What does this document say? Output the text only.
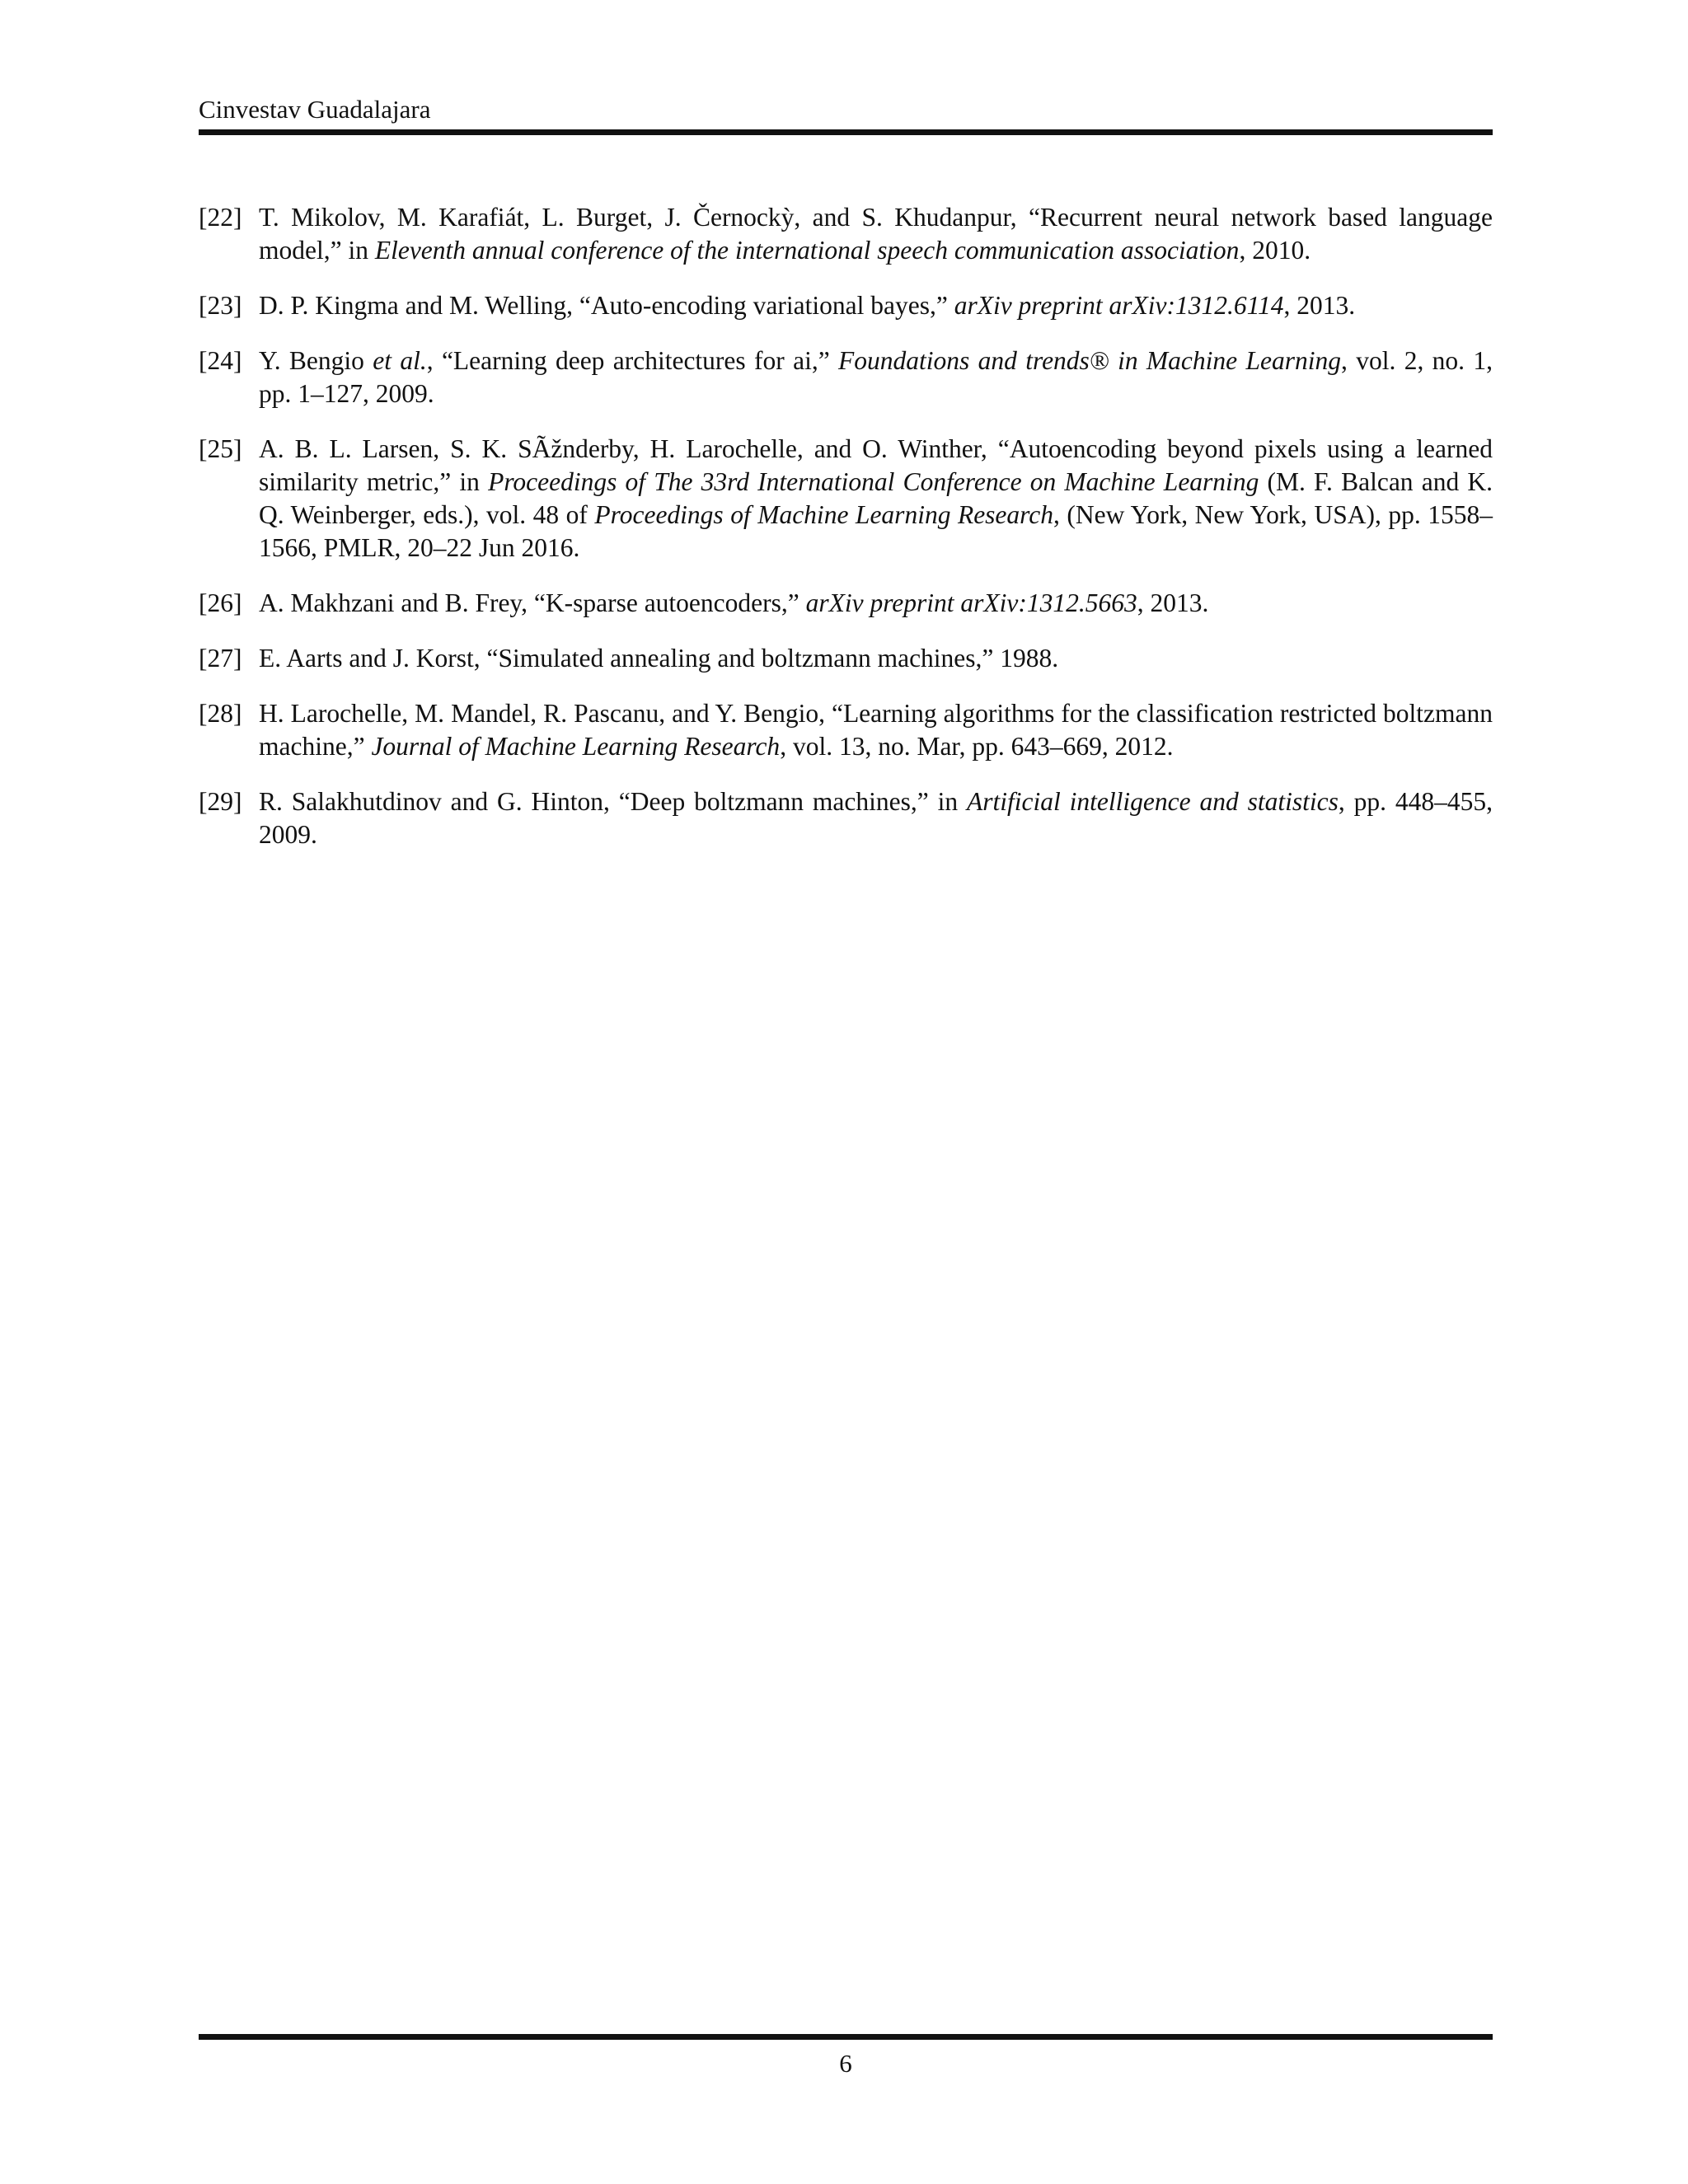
Cinvestav Guadalajara
[22] T. Mikolov, M. Karafiát, L. Burget, J. Černockỳ, and S. Khudanpur, “Recurrent neural network based language model,” in Eleventh annual conference of the international speech communication association, 2010.
[23] D. P. Kingma and M. Welling, “Auto-encoding variational bayes,” arXiv preprint arXiv:1312.6114, 2013.
[24] Y. Bengio et al., “Learning deep architectures for ai,” Foundations and trends® in Machine Learning, vol. 2, no. 1, pp. 1–127, 2009.
[25] A. B. L. Larsen, S. K. SÃžnderby, H. Larochelle, and O. Winther, “Autoencoding beyond pixels using a learned similarity metric,” in Proceedings of The 33rd International Conference on Machine Learning (M. F. Balcan and K. Q. Weinberger, eds.), vol. 48 of Proceedings of Machine Learning Research, (New York, New York, USA), pp. 1558–1566, PMLR, 20–22 Jun 2016.
[26] A. Makhzani and B. Frey, “K-sparse autoencoders,” arXiv preprint arXiv:1312.5663, 2013.
[27] E. Aarts and J. Korst, “Simulated annealing and boltzmann machines,” 1988.
[28] H. Larochelle, M. Mandel, R. Pascanu, and Y. Bengio, “Learning algorithms for the classification restricted boltzmann machine,” Journal of Machine Learning Research, vol. 13, no. Mar, pp. 643–669, 2012.
[29] R. Salakhutdinov and G. Hinton, “Deep boltzmann machines,” in Artificial intelligence and statistics, pp. 448–455, 2009.
6
